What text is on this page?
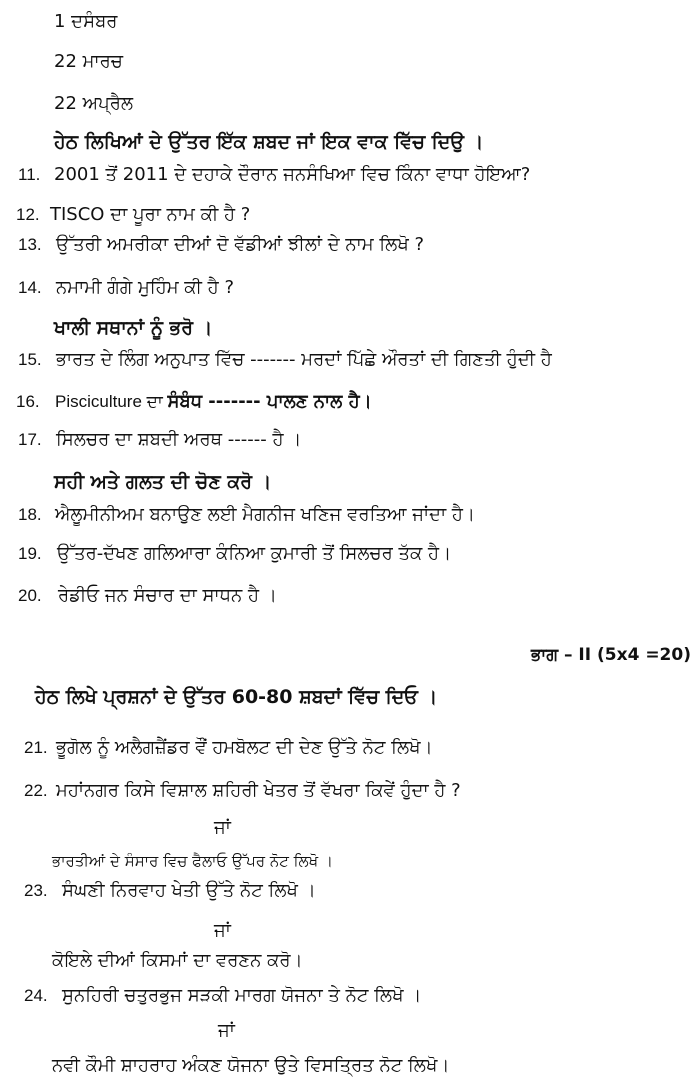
1 ਦਸੰਬਰ
22 ਮਾਰਚ
22 ਅਪ੍ਰੈਲ
ਹੇਠ ਲਿਖਿਆਂ ਦੇ ਉੱਤਰ ਇੱਕ ਸ਼ਬਦ ਜਾਂ ਇਕ ਵਾਕ ਵਿੱਚ ਦਿਉ ।
11. 2001 ਤੋਂ 2011 ਦੇ ਦਹਾਕੇ ਦੌਰਾਨ ਜਨਸੰਖਿਆ ਵਿਚ ਕਿੰਨਾ ਵਾਧਾ ਹੋਇਆ?
12. TISCO ਦਾ ਪੂਰਾ ਨਾਮ ਕੀ ਹੈ ?
13. ਉੱਤਰੀ ਅਮਰੀਕਾ ਦੀਆਂ ਦੋ ਵੱਡੀਆਂ ਝੀਲਾਂ ਦੇ ਨਾਮ ਲਿਖੋ ?
14. ਨਮਾਮੀ ਗੰਗੇ ਮੁਹਿੰਮ ਕੀ ਹੈ ?
ਖਾਲੀ ਸਥਾਨਾਂ ਨੂੰ ਭਰੋ ।
15. ਭਾਰਤ ਦੇ ਲਿੰਗ ਅਨੁਪਾਤ ਵਿੱਚ ------- ਮਰਦਾਂ ਪਿੱਛੇ ਔਰਤਾਂ ਦੀ ਗਿਣਤੀ ਹੁੰਦੀ ਹੈ
16. Pisciculture ਦਾ ਸੰਬੰਧ ------- ਪਾਲਣ ਨਾਲ ਹੈ।
17. ਸਿਲਚਰ ਦਾ ਸ਼ਬਦੀ ਅਰਥ ------ ਹੈ ।
ਸਹੀ ਅਤੇ ਗਲਤ ਦੀ ਚੋਣ ਕਰੋ ।
18. ਐਲੂਮੀਨੀਅਮ ਬਨਾਉਣ ਲਈ ਮੈਗਨੀਜ ਖਣਿਜ ਵਰਤਿਆ ਜਾਂਦਾ ਹੈ।
19. ਉੱਤਰ-ਦੱਖਣ ਗਲਿਆਰਾ ਕੰਨਿਆ ਕੁਮਾਰੀ ਤੋਂ ਸਿਲਚਰ ਤੱਕ ਹੈ।
20. ਰੇਡੀਓ ਜਨ ਸੰਚਾਰ ਦਾ ਸਾਧਨ ਹੈ ।
ਭਾਗ – II (5x4 =20)
ਹੇਠ ਲਿਖੇ ਪ੍ਰਸ਼ਨਾਂ ਦੇ ਉੱਤਰ 60-80 ਸ਼ਬਦਾਂ ਵਿੱਚ ਦਿਓ ।
21. ਭੂਗੋਲ ਨੂੰ ਅਲੈਗਜ਼ੈਂਡਰ ਵੌਂ ਹਮਬੋਲਟ ਦੀ ਦੇਣ ਉੱਤੇ ਨੋਟ ਲਿਖੋ।
22. ਮਹਾਂਨਗਰ ਕਿਸੇ ਵਿਸ਼ਾਲ ਸ਼ਹਿਰੀ ਖੇਤਰ ਤੋਂ ਵੱਖਰਾ ਕਿਵੇਂ ਹੁੰਦਾ ਹੈ ?
ਜਾਂ
ਭਾਰਤੀਆਂ ਦੇ ਸੰਸਾਰ ਵਿਚ ਫੈਲਾਓ ਉੱਪਰ ਨੋਟ ਲਿਖੋ ।
23. ਸੰਘਣੀ ਨਿਰਵਾਹ ਖੇਤੀ ਉੱਤੇ ਨੋਟ ਲਿਖੋ ।
ਜਾਂ
ਕੋਇਲੇ ਦੀਆਂ ਕਿਸਮਾਂ ਦਾ ਵਰਣਨ ਕਰੋ।
24. ਸੁਨਹਿਰੀ ਚਤੁਰਭੁਜ ਸੜਕੀ ਮਾਰਗ ਯੋਜਨਾ ਤੇ ਨੋਟ ਲਿਖੋ ।
ਜਾਂ
ਨਵੀ ਕੌਮੀ ਸ਼ਾਹਰਾਹ ਅੰਕਣ ਯੋਜਨਾ ਉਤੇ ਵਿਸਤ੍ਰਿਤ ਨੋਟ ਲਿਖੋ।
